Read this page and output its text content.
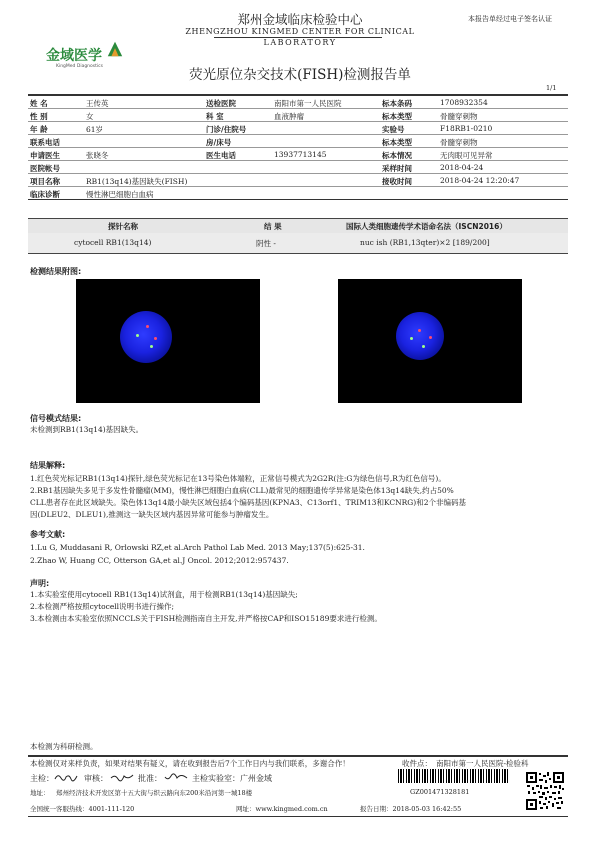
金域医学
KingMed Diagnostics
郑州金域临床检验中心
ZHENGZHOU KINGMED CENTER FOR CLINICAL
LABORATORY
本报告单经过电子签名认证
荧光原位杂交技术(FISH)检测报告单
1/1
姓 名	王传英	送检医院	南阳市第一人民医院	标本条码	1708932354
性 别	女	科 室	血液肿瘤	标本类型	骨髓穿刺物
年 龄	61岁	门诊/住院号	实验号	F18RB1-0210
联系电话	房/床号	标本类型	骨髓穿刺物
申请医生	张晓冬	医生电话	13937713145	标本情况	无肉眼可见异常
医院帐号	采样时间	2018-04-24
项目名称	RB1(13q14)基因缺失(FISH)	接收时间	2018-04-24 12:20:47
临床诊断	慢性淋巴细胞白血病
探针名称	结 果	国际人类细胞遗传学术语命名法（ISCN2016）
cytocell RB1(13q14)	阴性 -	nuc ish (RB1,13qter)×2 [189/200]
检测结果附图:
信号模式结果:
未检测到RB1(13q14)基因缺失。
结果解释:
1.红色荧光标记RB1(13q14)探针,绿色荧光标记在13号染色体端粒，正常信号模式为2G2R(注:G为绿色信号,R为红色信号)。
2.RB1基因缺失多见于多发性骨髓瘤(MM)，慢性淋巴细胞白血病(CLL)最常见的细胞遗传学异常是染色体13q14缺失,约占50%
CLL患者存在此区域缺失。染色体13q14最小缺失区域包括4个编码基因(KPNA3、C13orf1、TRIM13和KCNRG)和2个非编码基
因(DLEU2、DLEU1),推测这一缺失区域内基因异常可能参与肿瘤发生。
参考文献:
1.Lu G, Muddasani R, Orlowski RZ,et al.Arch Pathol Lab Med. 2013 May;137(5):625-31.
2.Zhao W, Huang CC, Otterson GA,et al.J Oncol. 2012;2012:957437.
声明:
1.本实验室使用cytocell RB1(13q14)试剂盒，用于检测RB1(13q14)基因缺失;
2.本检测严格按照cytocell说明书进行操作;
3.本检测由本实验室依照NCCLS关于FISH检测指南自主开发,并严格按CAP和ISO15189要求进行检测。
本检测为科研检测。
本检测仅对来样负责，如果对结果有疑义，请在收到报告后7个工作日内与我们联系，多谢合作！	收件点： 南阳市第一人民医院-检验科
主检：	审核：	批准：	主检实验室：广州金域
地址： 郑州经济技术开发区第十五大街与织云路向东200米沿河第一城18楼	GZ001471328181
全国统一客服热线：4001-111-120	网址：www.kingmed.com.cn	报告日期：2018-05-03 16:42:55
